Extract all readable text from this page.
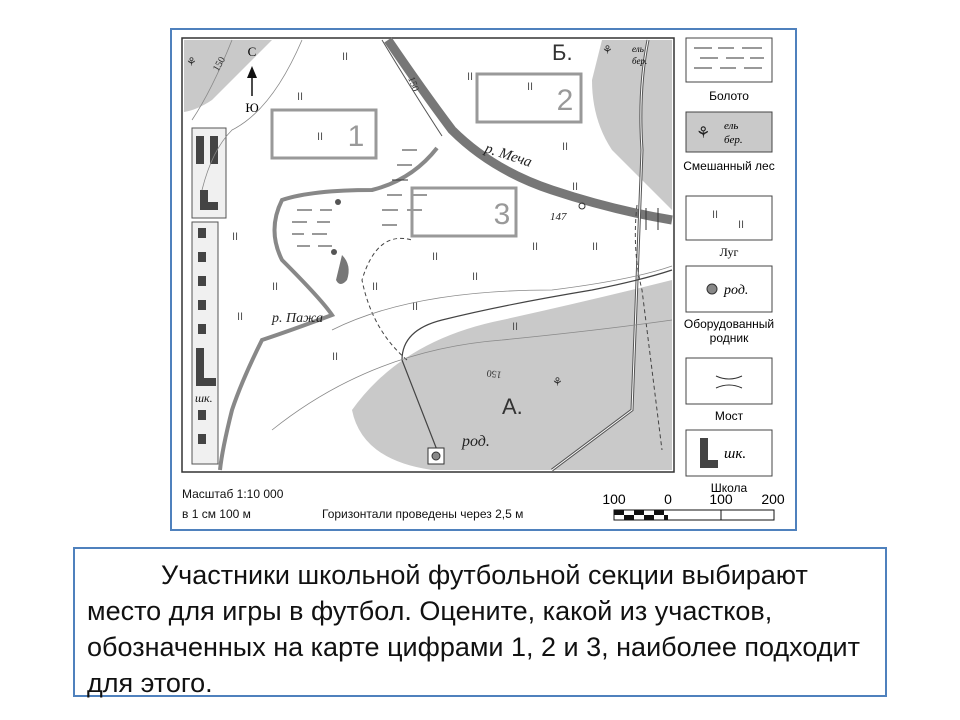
шк.
1
2
3
II
II
II
II
II
II
II
II
II
II
II
II
II
II
II
II
II
II
С
Ю
150
150
150
Б.
А.
р. Меча
р. Пажа
род.
147
⚘
⚘
⚘
ель
бер.
Болото
⚘ ель
бер.
Смешанный лес
II
II
Луг
род.
Оборудованный
родник
Мост
шк.
Школа
Масштаб 1:10 000
в 1 см 100 м	Горизонтали проведены через 2,5 м
100	0	100 200

Участники школьной футбольной секции выбирают место для игры в футбол. Оцените, какой из участков, обозначенных на карте цифрами 1, 2 и 3, наиболее подходит для этого.
